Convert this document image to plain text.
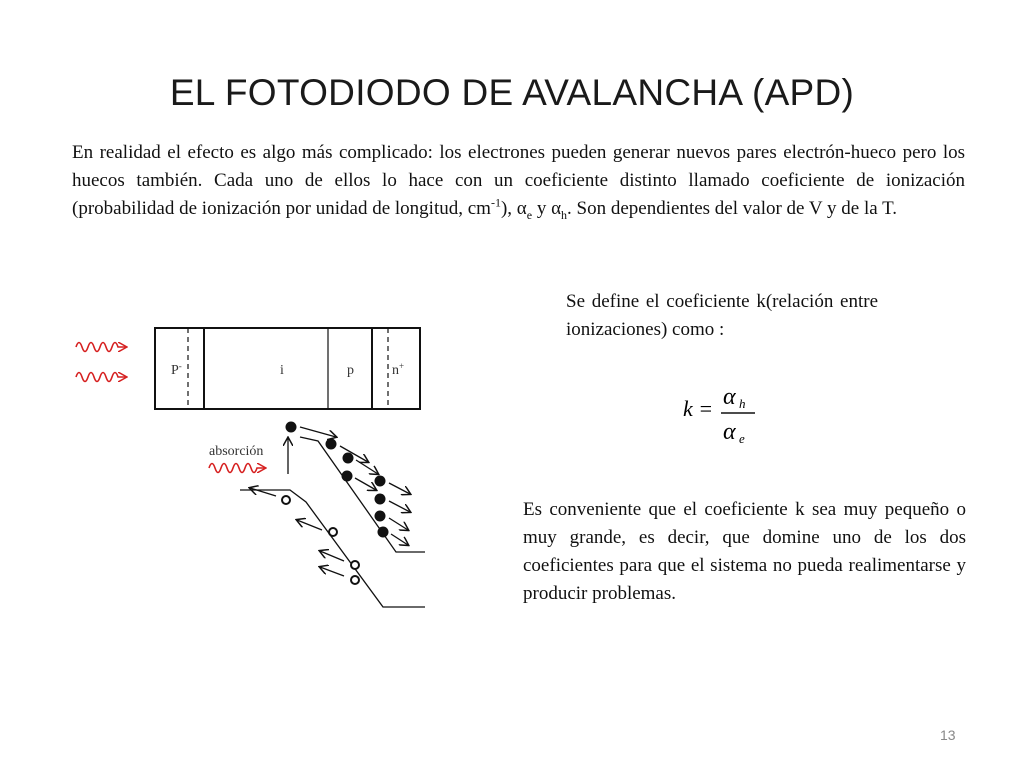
EL FOTODIODO DE AVALANCHA (APD)

En realidad el efecto es algo más complicado: los electrones pueden generar nuevos pares electrón-hueco pero los huecos también. Cada uno de ellos lo hace con un coeficiente distinto llamado coeficiente de ionización (probabilidad de ionización por unidad de longitud, $cm^{-1}$), $\alpha_e$ y $\alpha_h$. Son dependientes del valor de V y de la T.

Se define el coeficiente k(relación entre ionizaciones) como :

k = α h
α e

Es conveniente que el coeficiente k sea muy pequeño o muy grande, es decir, que domine uno de los dos coeficientes para que el sistema no pueda realimentarse y producir problemas.

P-	i	p	n+
absorción
13
